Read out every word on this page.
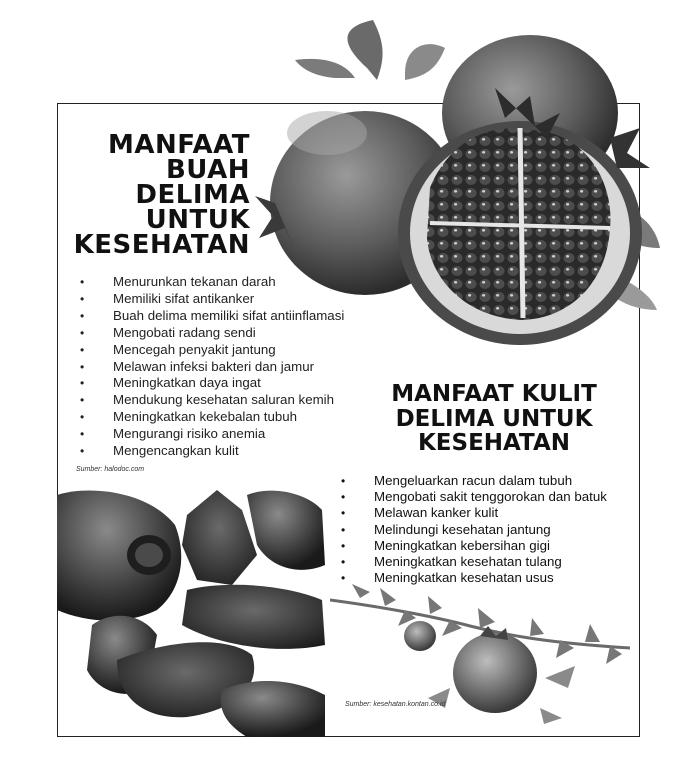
MANFAAT
BUAH
DELIMA
UNTUK
KESEHATAN
• Menurunkan tekanan darah
• Memiliki sifat antikanker
• Buah delima memiliki sifat antiinflamasi
• Mengobati radang sendi
• Mencegah penyakit jantung
• Melawan infeksi bakteri dan jamur
• Meningkatkan daya ingat
• Mendukung kesehatan saluran kemih
• Meningkatkan kekebalan tubuh
• Mengurangi risiko anemia
• Mengencangkan kulit
Sumber: halodoc.com
MANFAAT KULIT
DELIMA UNTUK
KESEHATAN
• Mengeluarkan racun dalam tubuh
• Mengobati sakit tenggorokan dan batuk
• Melawan kanker kulit
• Melindungi kesehatan jantung
• Meningkatkan kebersihan gigi
• Meningkatkan kesehatan tulang
• Meningkatkan kesehatan usus
Sumber: kesehatan.kontan.co.id
